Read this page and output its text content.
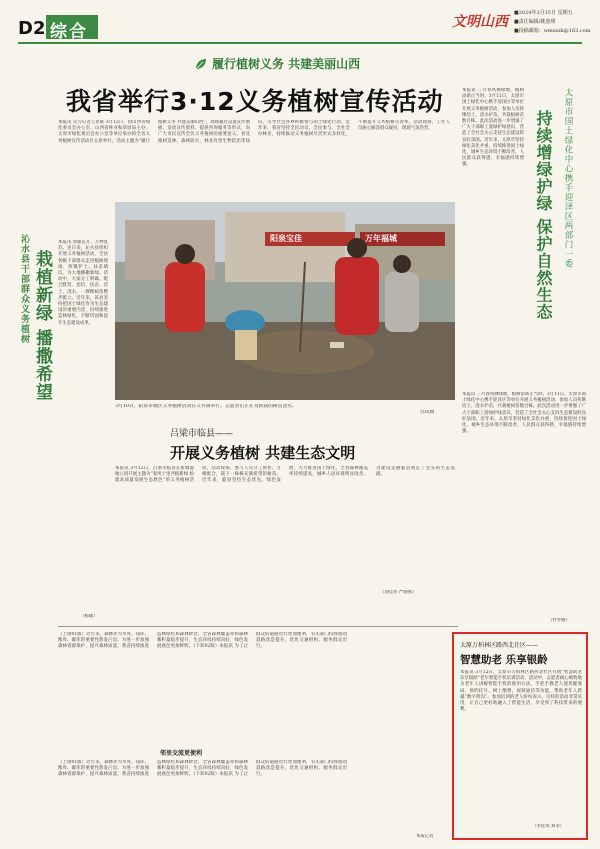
D2 综合	文明山西
■2024年3月15日 星期五
■责任编辑/姚惠瑛
■投稿邮箱：wmsxzk@163.com
履行植树义务 共建美丽山西
我省举行3·12义务植树宣传活动
本报讯 见习记者王亚辉 3月12日，由山西省绿化委员会办公室、山西省林业和草原局主办，太原市绿化委员会办公室等单位承办的全省义务植树宣传活动在太原举行。活动主题为“履行植树义务 共建美丽山西”，现场通过设置宣传展板、发放宣传资料、提供咨询服务等形式，向广大市民宣传全民义务植树的重要意义，普及植树造林、森林防火、林业有害生物防治等知识，引导社会各界积极参与国土绿化行动。近年来，我省坚持全民动员、全民参与、全社会办林业，持续推动义务植树尽责形式多样化，不断提升义务植树尽责率。活动现场，工作人员耐心解答群众疑问，现场气氛热烈。
沁水县干部群众义务植树 栽植新绿 播撒希望
本报讯 春暖花开，万物复苏。连日来，沁水县组织开展义务植树活动，全县各级干部群众走进植树现场，挥锹铲土、扶苗填坑，为大地播撒新绿。活动中，大家分工明确、配合默契，挖坑、扶苗、培土、浇水，一棵棵树苗整齐挺立。近年来，该县坚持把国土绿化作为生态建设的重要内容，持续推进造林绿化，不断巩固和提升生态建设成果。
（杨雄）
阳泉宝佳	万年福城
3月10日，阳泉市城区义务植树活动在义井镇举行。志愿者们正在为新栽的树苗浇水。
苏琪摄
吕梁市临县——
开展义务植树 共建生态文明
本报讯 3月12日，吕梁市临县在新城湿地公园开展主题为“春风十里共植新绿 绘就高质量发展生态底色”的义务植树活动。活动现场，参与人员分工协作、互相配合，栽下一株株充满希望的树苗。近年来，临县坚持生态优先、绿色发展，大力推进国土绿化，全县森林覆盖率持续提高，城乡人居环境明显改善，为建设美丽临县奠定了坚实的生态基础。
（刘佳伟 严晓燕）
太原市国土绿化中心携手迎泽区两部门一委
持续增绿护绿 保护自然生态
本报讯 三月春风拂绿地，植树添新正当时。3月11日，太原市国土绿化中心携手迎泽区等单位开展义务植树活动，参加人员挥锹培土、浇水护苗，共栽植树苗数百株。此次活动进一步增强了广大干部职工爱绿护绿意识，营造了全社会关心支持生态建设的良好氛围。近年来，太原市坚持绿化美化并重，持续推进国土绿化，城乡生态环境不断改善，人民群众获得感、幸福感持续增强。
本报讯 三月春风拂绿地，植树添新正当时。3月11日，太原市国土绿化中心携手迎泽区等单位开展义务植树活动，参加人员挥锹培土、浇水护苗，共栽植树苗数百株。此次活动进一步增强了广大干部职工爱绿护绿意识，营造了全社会关心支持生态建设的良好氛围。近年来，太原市坚持绿化美化并重，持续推进国土绿化，城乡生态环境不断改善，人民群众获得感、幸福感持续增强。
（杜亦薇）
（上接01版）近年来，森林作为水库、钱库、粮库、碳库的重要性愈发凸显。为进一步加强森林资源保护，提升森林质量，我省持续推进造林绿化和森林经营，全省森林覆盖率和森林蓄积量稳步提升，生态环境持续向好，绿色发展底色更加鲜明。（下转02版）本报讯 为了让群众的道路出行更加便利，有关部门持续推动道路改造提升，优化交通组织，服务群众出行。
邻里交流更便利
（上接01版）近年来，森林作为水库、钱库、粮库、碳库的重要性愈发凸显。为进一步加强森林资源保护，提升森林质量，我省持续推进造林绿化和森林经营，全省森林覆盖率和森林蓄积量稳步提升，生态环境持续向好，绿色发展底色更加鲜明。（下转02版）本报讯 为了让群众的道路出行更加便利，有关部门持续推动道路改造提升，优化交通组织，服务群众出行。
本报记者
太原万柏林区路西北社区——
智慧助老 乐享银龄
本报讯 3月12日，太原市万柏林区路西北社区开展“智慧助老 乐享银龄”老年智能手机培训活动。活动中，志愿者耐心细致地为老年人讲解智能手机的使用方法，手把手教老人使用健康码、预约挂号、网上缴费、视频通话等功能，帮助老年人跨越“数字鸿沟”。参加培训的老人纷纷表示，这样的活动非常实用，让自己更好地融入了智能生活，享受到了科技带来的便利。
（李佳琪 刘菲）
